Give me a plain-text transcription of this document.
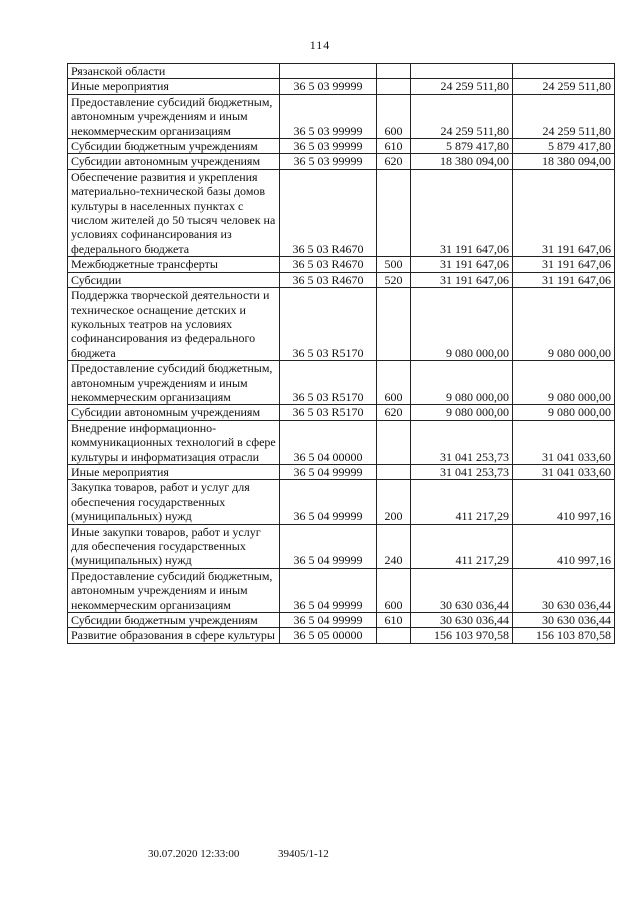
114
Рязанской области				
Иные мероприятия	36 5 03 99999		24 259 511,80	24 259 511,80
Предоставление субсидий бюджетным, автономным учреждениям и иным некоммерческим организациям	36 5 03 99999	600	24 259 511,80	24 259 511,80
Субсидии бюджетным учреждениям	36 5 03 99999	610	5 879 417,80	5 879 417,80
Субсидии автономным учреждениям	36 5 03 99999	620	18 380 094,00	18 380 094,00
Обеспечение развития и укрепления материально-технической базы домов культуры в населенных пунктах с числом жителей до 50 тысяч человек на условиях софинансирования из федерального бюджета	36 5 03 R4670		31 191 647,06	31 191 647,06
Межбюджетные трансферты	36 5 03 R4670	500	31 191 647,06	31 191 647,06
Субсидии	36 5 03 R4670	520	31 191 647,06	31 191 647,06
Поддержка творческой деятельности и техническое оснащение детских и кукольных театров на условиях софинансирования из федерального бюджета	36 5 03 R5170		9 080 000,00	9 080 000,00
Предоставление субсидий бюджетным, автономным учреждениям и иным некоммерческим организациям	36 5 03 R5170	600	9 080 000,00	9 080 000,00
Субсидии автономным учреждениям	36 5 03 R5170	620	9 080 000,00	9 080 000,00
Внедрение информационно-коммуникационных технологий в сфере культуры и информатизация отрасли	36 5 04 00000		31 041 253,73	31 041 033,60
Иные мероприятия	36 5 04 99999		31 041 253,73	31 041 033,60
Закупка товаров, работ и услуг для обеспечения государственных (муниципальных) нужд	36 5 04 99999	200	411 217,29	410 997,16
Иные закупки товаров, работ и услуг для обеспечения государственных (муниципальных) нужд	36 5 04 99999	240	411 217,29	410 997,16
Предоставление субсидий бюджетным, автономным учреждениям и иным некоммерческим организациям	36 5 04 99999	600	30 630 036,44	30 630 036,44
Субсидии бюджетным учреждениям	36 5 04 99999	610	30 630 036,44	30 630 036,44
Развитие образования в сфере культуры	36 5 05 00000		156 103 970,58	156 103 870,58
30.07.2020 12:33:00	39405/1-12
